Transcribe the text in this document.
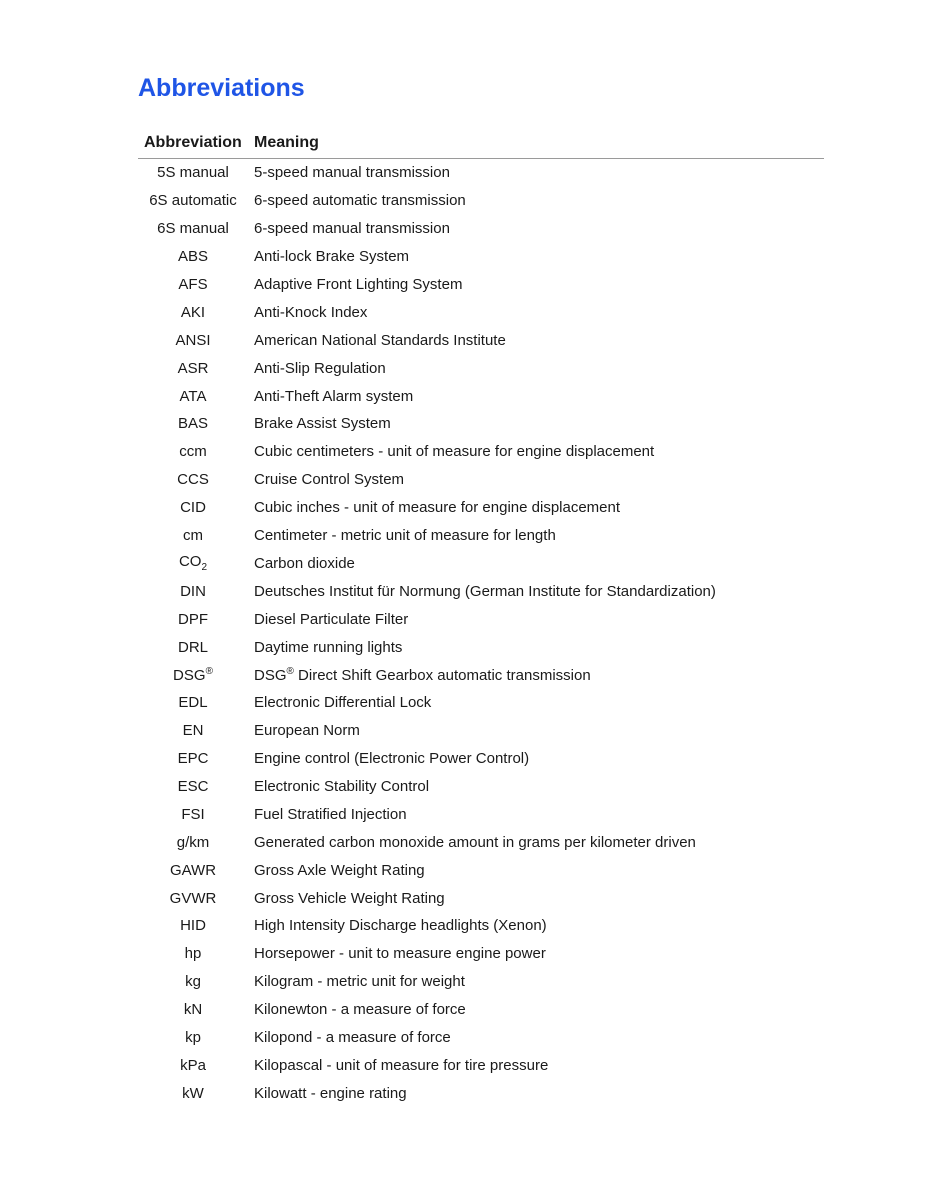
Abbreviations
Abbreviation Meaning
5S manual	5-speed manual transmission
6S automatic	6-speed automatic transmission
6S manual	6-speed manual transmission
ABS	Anti-lock Brake System
AFS	Adaptive Front Lighting System
AKI	Anti-Knock Index
ANSI	American National Standards Institute
ASR	Anti-Slip Regulation
ATA	Anti-Theft Alarm system
BAS	Brake Assist System
ccm	Cubic centimeters - unit of measure for engine displacement
CCS	Cruise Control System
CID	Cubic inches - unit of measure for engine displacement
cm	Centimeter - metric unit of measure for length
$CO_2$	Carbon dioxide
DIN	Deutsches Institut für Normung (German Institute for Standardization)
DPF	Diesel Particulate Filter
DRL	Daytime running lights
DSG®	DSG® Direct Shift Gearbox automatic transmission
EDL	Electronic Differential Lock
EN	European Norm
EPC	Engine control (Electronic Power Control)
ESC	Electronic Stability Control
FSI	Fuel Stratified Injection
g/km	Generated carbon monoxide amount in grams per kilometer driven
GAWR	Gross Axle Weight Rating
GVWR	Gross Vehicle Weight Rating
HID	High Intensity Discharge headlights (Xenon)
hp	Horsepower - unit to measure engine power
kg	Kilogram - metric unit for weight
kN	Kilonewton - a measure of force
kp	Kilopond - a measure of force
kPa	Kilopascal - unit of measure for tire pressure
kW	Kilowatt - engine rating
